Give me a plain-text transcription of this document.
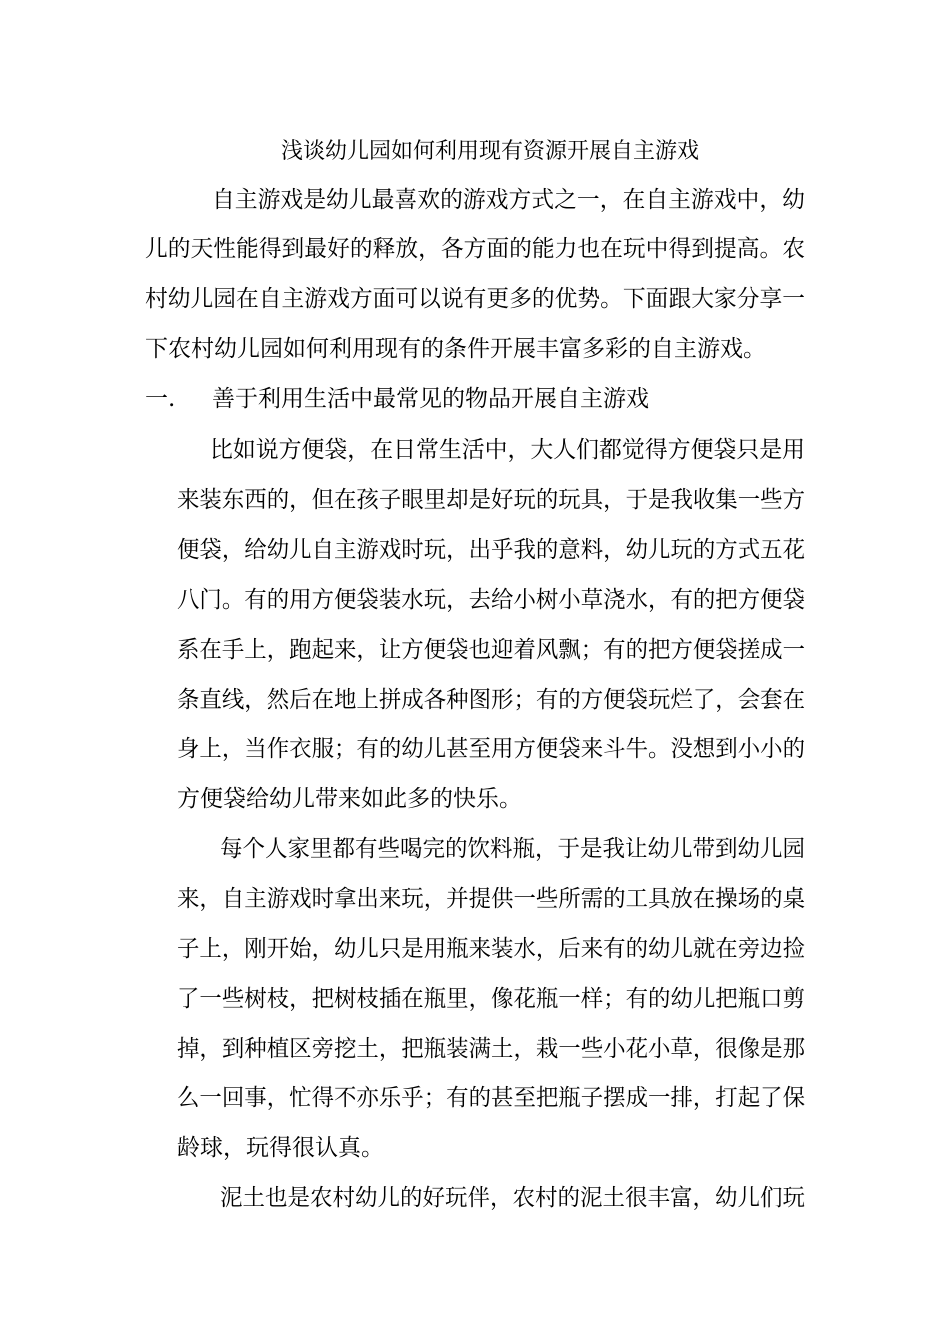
浅谈幼儿园如何利用现有资源开展自主游戏
自主游戏是幼儿最喜欢的游戏方式之一，在自主游戏中，幼
儿的天性能得到最好的释放，各方面的能力也在玩中得到提高。农
村幼儿园在自主游戏方面可以说有更多的优势。下面跟大家分享一
下农村幼儿园如何利用现有的条件开展丰富多彩的自主游戏。
一. 善于利用生活中最常见的物品开展自主游戏
比如说方便袋，在日常生活中，大人们都觉得方便袋只是用
来装东西的，但在孩子眼里却是好玩的玩具，于是我收集一些方
便袋，给幼儿自主游戏时玩，出乎我的意料，幼儿玩的方式五花
八门。有的用方便袋装水玩，去给小树小草浇水，有的把方便袋
系在手上，跑起来，让方便袋也迎着风飘；有的把方便袋搓成一
条直线，然后在地上拼成各种图形；有的方便袋玩烂了，会套在
身上，当作衣服；有的幼儿甚至用方便袋来斗牛。没想到小小的
方便袋给幼儿带来如此多的快乐。
每个人家里都有些喝完的饮料瓶，于是我让幼儿带到幼儿园
来，自主游戏时拿出来玩，并提供一些所需的工具放在操场的桌
子上，刚开始，幼儿只是用瓶来装水，后来有的幼儿就在旁边捡
了一些树枝，把树枝插在瓶里，像花瓶一样；有的幼儿把瓶口剪
掉，到种植区旁挖土，把瓶装满土，栽一些小花小草，很像是那
么一回事，忙得不亦乐乎；有的甚至把瓶子摆成一排，打起了保
龄球，玩得很认真。
泥土也是农村幼儿的好玩伴，农村的泥土很丰富，幼儿们玩
